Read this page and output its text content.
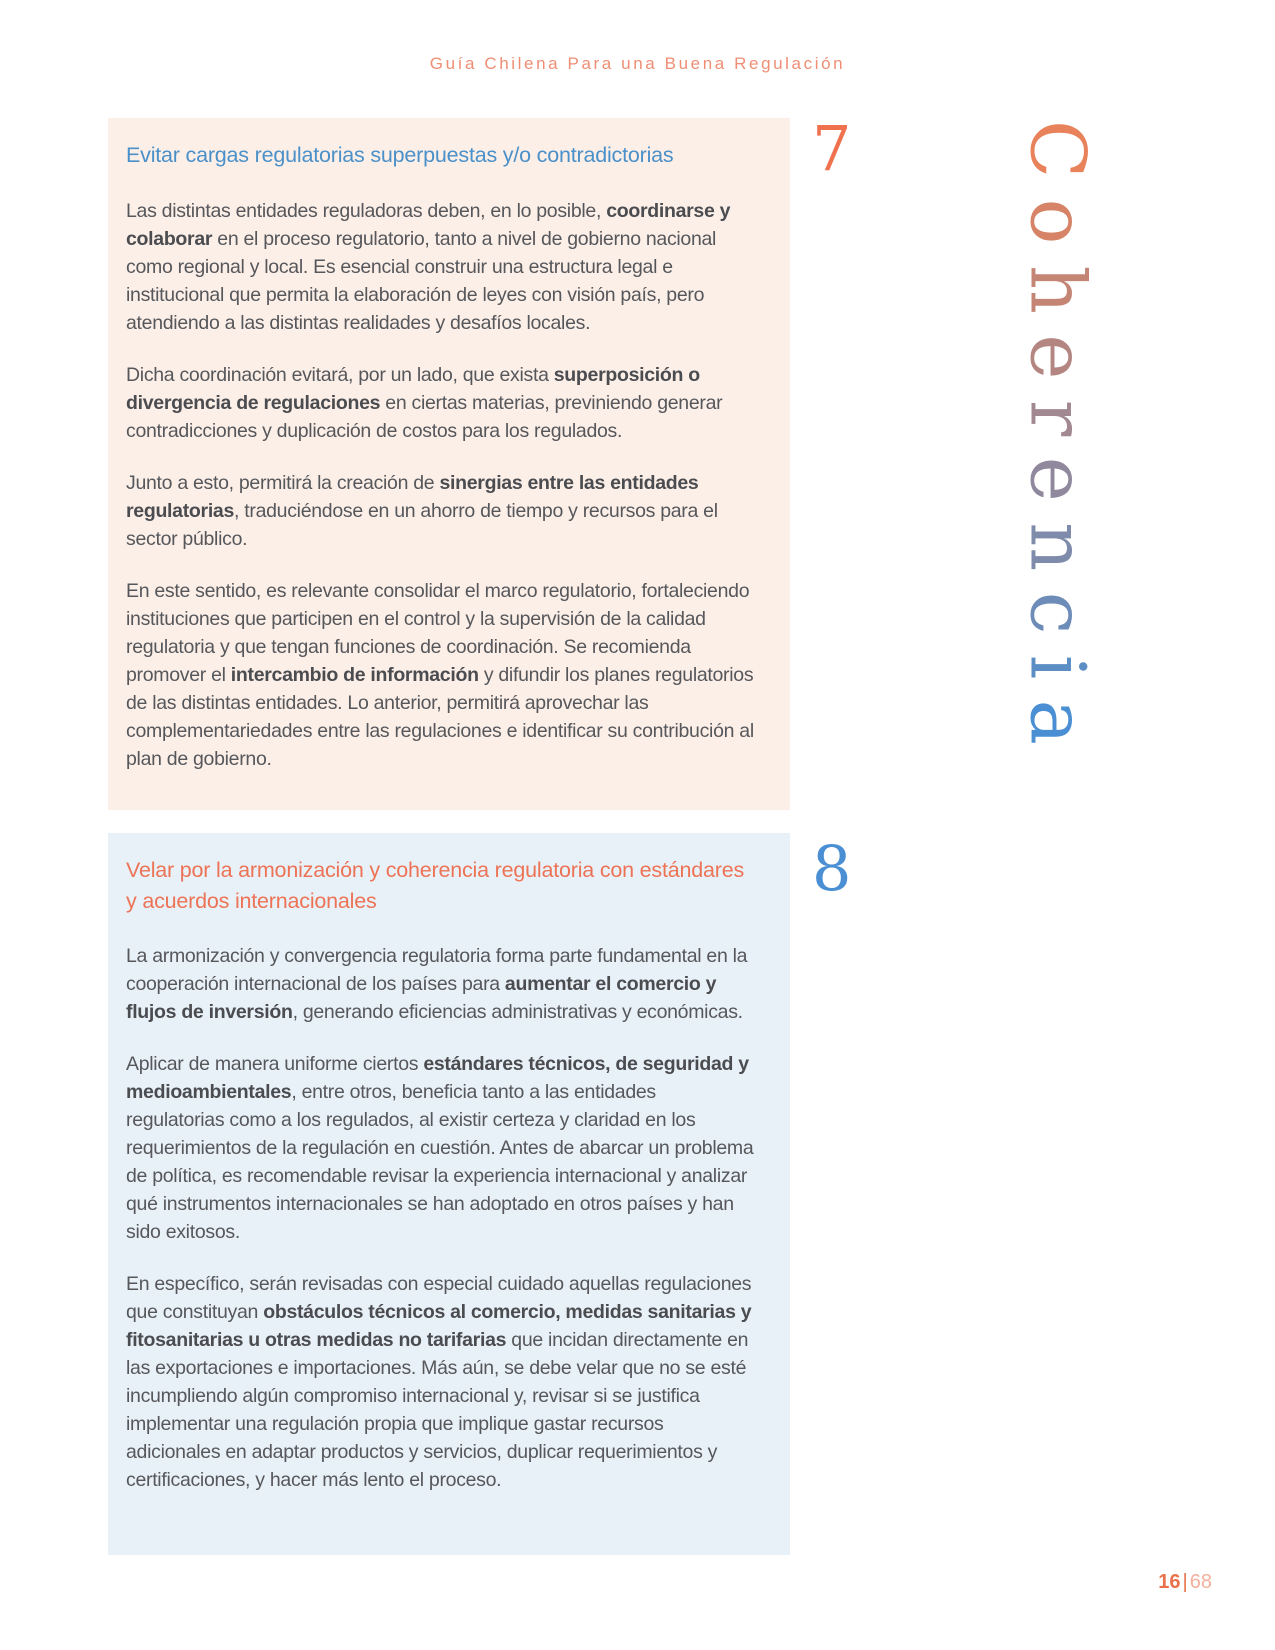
Guía Chilena Para una Buena Regulación
Evitar cargas regulatorias superpuestas y/o contradictorias

Las distintas entidades reguladoras deben, en lo posible, coordinarse y colaborar en el proceso regulatorio, tanto a nivel de gobierno nacional como regional y local. Es esencial construir una estructura legal e institucional que permita la elaboración de leyes con visión país, pero atendiendo a las distintas realidades y desafíos locales.

Dicha coordinación evitará, por un lado, que exista superposición o divergencia de regulaciones en ciertas materias, previniendo generar contradicciones y duplicación de costos para los regulados.

Junto a esto, permitirá la creación de sinergias entre las entidades regulatorias, traduciéndose en un ahorro de tiempo y recursos para el sector público.

En este sentido, es relevante consolidar el marco regulatorio, fortaleciendo instituciones que participen en el control y la supervisión de la calidad regulatoria y que tengan funciones de coordinación. Se recomienda promover el intercambio de información y difundir los planes regulatorios de las distintas entidades. Lo anterior, permitirá aprovechar las complementariedades entre las regulaciones e identificar su contribución al plan de gobierno.

7
Velar por la armonización y coherencia regulatoria con estándares y acuerdos internacionales

La armonización y convergencia regulatoria forma parte fundamental en la cooperación internacional de los países para aumentar el comercio y flujos de inversión, generando eficiencias administrativas y económicas.

Aplicar de manera uniforme ciertos estándares técnicos, de seguridad y medioambientales, entre otros, beneficia tanto a las entidades regulatorias como a los regulados, al existir certeza y claridad en los requerimientos de la regulación en cuestión. Antes de abarcar un problema de política, es recomendable revisar la experiencia internacional y analizar qué instrumentos internacionales se han adoptado en otros países y han sido exitosos.

En específico, serán revisadas con especial cuidado aquellas regulaciones que constituyan obstáculos técnicos al comercio, medidas sanitarias y fitosanitarias u otras medidas no tarifarias que incidan directamente en las exportaciones e importaciones. Más aún, se debe velar que no se esté incumpliendo algún compromiso internacional y, revisar si se justifica implementar una regulación propia que implique gastar recursos adicionales en adaptar productos y servicios, duplicar requerimientos y certificaciones, y hacer más lento el proceso.

8
Coherencia
16 | 68
